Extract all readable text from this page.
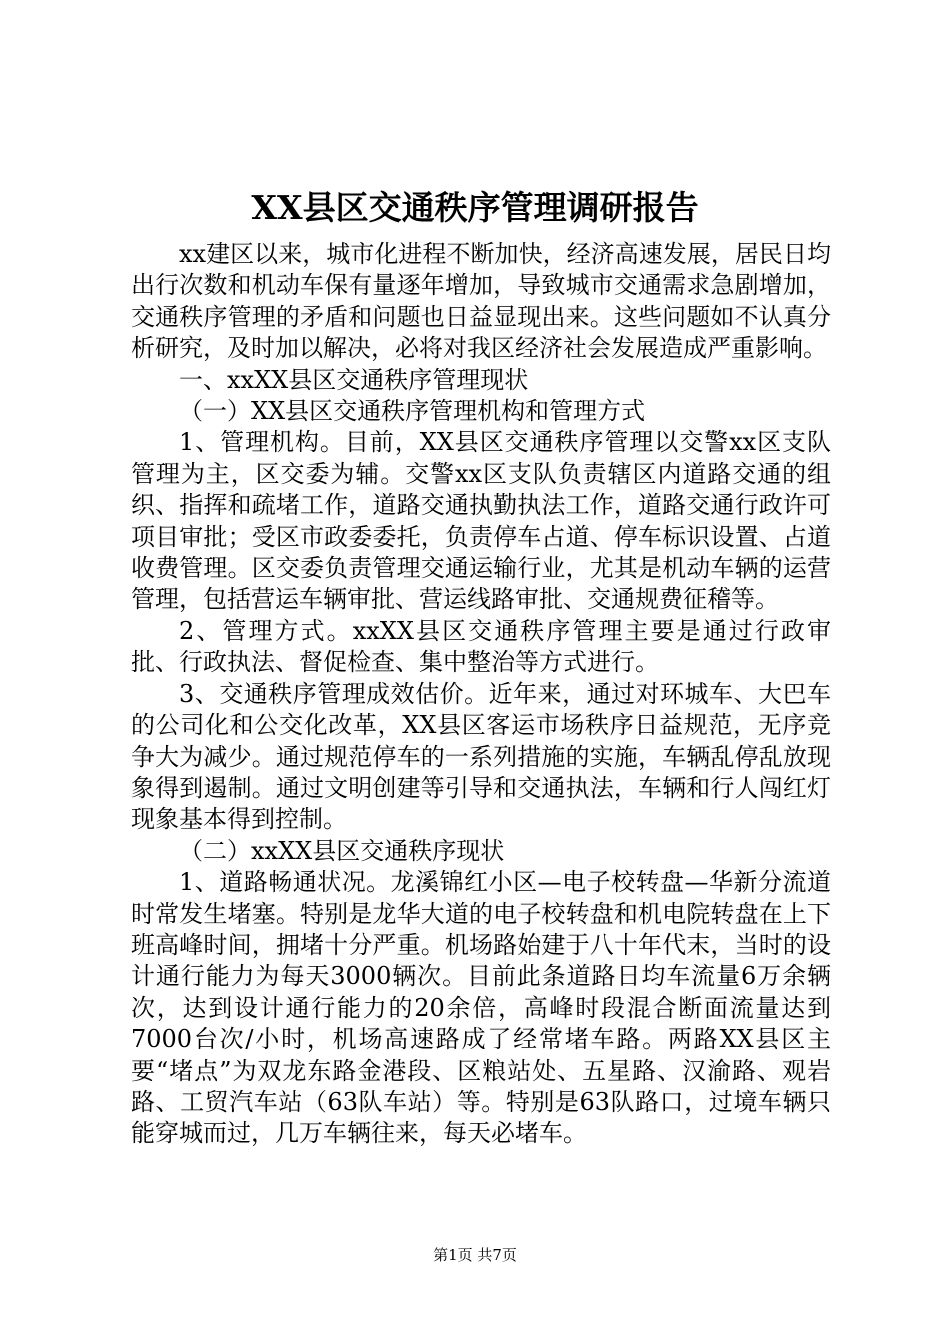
XX县区交通秩序管理调研报告

xx建区以来，城市化进程不断加快，经济高速发展，居民日均出行次数和机动车保有量逐年增加，导致城市交通需求急剧增加，交通秩序管理的矛盾和问题也日益显现出来。这些问题如不认真分析研究，及时加以解决，必将对我区经济社会发展造成严重影响。

一、xxXX县区交通秩序管理现状

（一）XX县区交通秩序管理机构和管理方式

1、管理机构。目前，XX县区交通秩序管理以交警xx区支队管理为主，区交委为辅。交警xx区支队负责辖区内道路交通的组织、指挥和疏堵工作，道路交通执勤执法工作，道路交通行政许可项目审批；受区市政委委托，负责停车占道、停车标识设置、占道收费管理。区交委负责管理交通运输行业，尤其是机动车辆的运营管理，包括营运车辆审批、营运线路审批、交通规费征稽等。

2、管理方式。xxXX县区交通秩序管理主要是通过行政审批、行政执法、督促检查、集中整治等方式进行。

3、交通秩序管理成效估价。近年来，通过对环城车、大巴车的公司化和公交化改革，XX县区客运市场秩序日益规范，无序竞争大为减少。通过规范停车的一系列措施的实施，车辆乱停乱放现象得到遏制。通过文明创建等引导和交通执法，车辆和行人闯红灯现象基本得到控制。

（二）xxXX县区交通秩序现状

1、道路畅通状况。龙溪锦红小区—电子校转盘—华新分流道时常发生堵塞。特别是龙华大道的电子校转盘和机电院转盘在上下班高峰时间，拥堵十分严重。机场路始建于八十年代末，当时的设计通行能力为每天3000辆次。目前此条道路日均车流量6万余辆次，达到设计通行能力的20余倍，高峰时段混合断面流量达到7000台次/小时，机场高速路成了经常堵车路。两路XX县区主要“堵点”为双龙东路金港段、区粮站处、五星路、汉渝路、观岩路、工贸汽车站（63队车站）等。特别是63队路口，过境车辆只能穿城而过，几万车辆往来，每天必堵车。

第1页 共7页
